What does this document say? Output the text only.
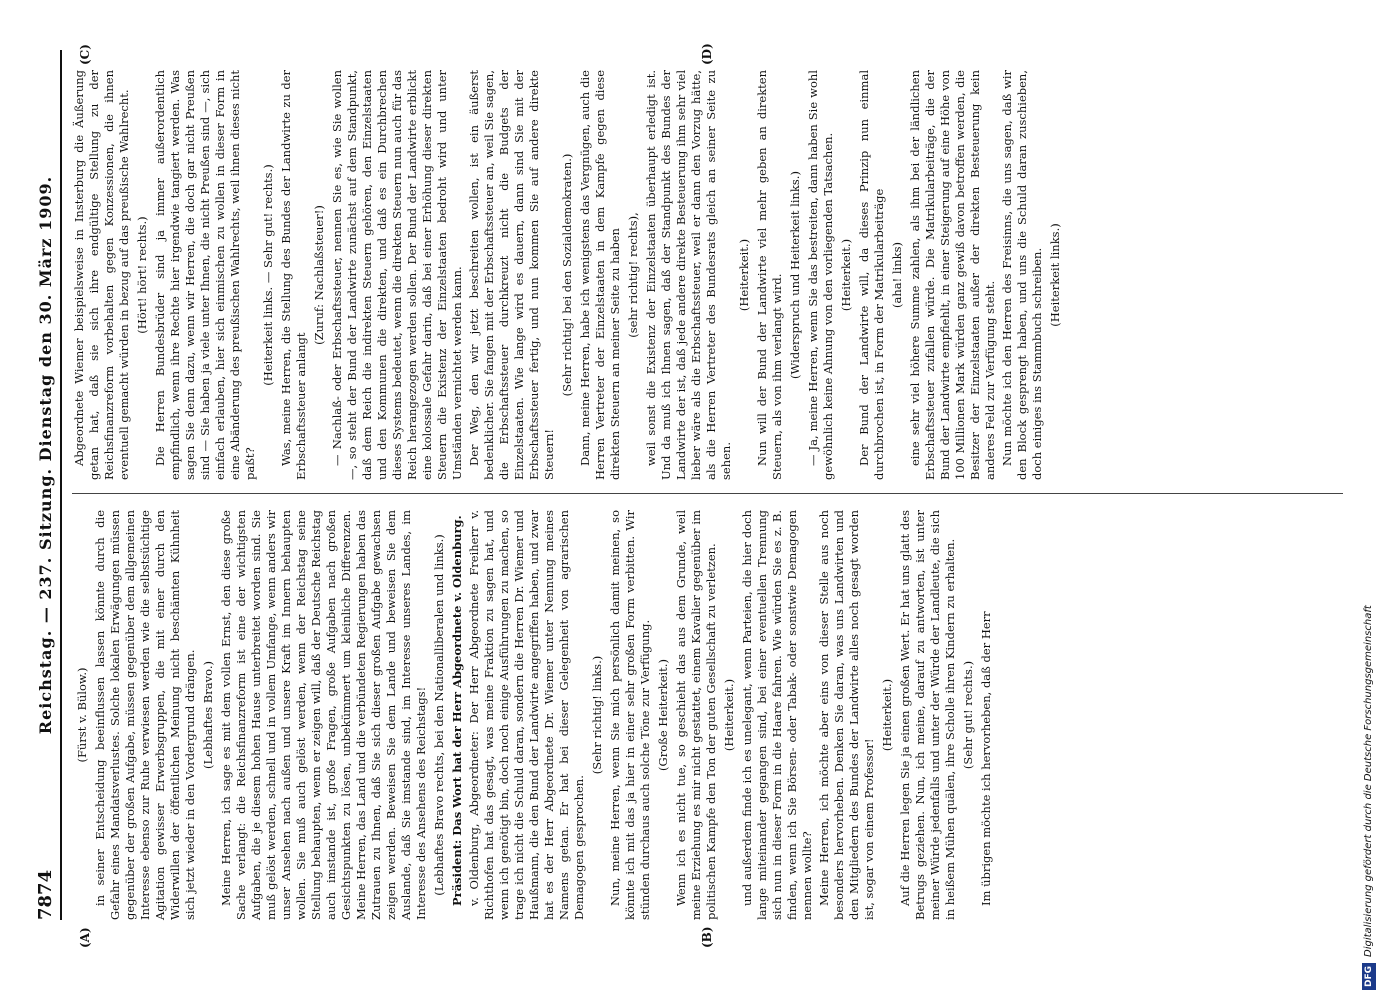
7874
Reichstag. — 237. Sitzung. Dienstag den 30. März 1909.
(A)	(B)
(C)	(D)

(Fürst v. Bülow.) in seiner Entscheidung beeinflussen lassen könnte durch die Gefahr eines Mandatsverlustes. Solche lokalen Erwägungen müssen gegenüber der großen Aufgabe, müssen gegenüber dem allgemeinen Interesse ebenso zur Ruhe verwiesen werden wie die selbstsüchtige Agitation gewisser Erwerbsgruppen, die mit einer durch den Widerwillen der öffentlichen Meinung nicht beschämten Kühnheit sich jetzt wieder in den Vordergrund drängen. (Lebhaftes Bravo.) Meine Herren, ich sage es mit dem vollen Ernst, den diese große Sache verlangt: die Reichsfinanzreform ist eine der wichtigsten Aufgaben, die je diesem hohen Hause unterbreitet worden sind. Sie muß gelöst werden, schnell und in vollem Umfange, wenn anders wir unser Ansehen nach außen und unsere Kraft im Innern behaupten wollen. Sie muß auch gelöst werden, wenn der Reichstag seine Stellung behaupten, wenn er zeigen will, daß der Deutsche Reichstag auch imstande ist, große Fragen, große Aufgaben nach großen Gesichtspunkten zu lösen, unbekümmert um kleinliche Differenzen. Meine Herren, das Land und die verbündeten Regierungen haben das Zutrauen zu Ihnen, daß Sie sich dieser großen Aufgabe gewachsen zeigen werden. Beweisen Sie dem Lande und beweisen Sie dem Auslande, daß Sie imstande sind, im Interesse unseres Landes, im Interesse des Ansehens des Reichstags! (Lebhaftes Bravo rechts, bei den Nationalliberalen und links.) Präsident: Das Wort hat der Herr Abgeordnete v. Oldenburg. v. Oldenburg, Abgeordneter: Der Herr Abgeordnete Freiherr v. Richthofen hat das gesagt, was meine Fraktion zu sagen hat, und wenn ich genötigt bin, doch noch einige Ausführungen zu machen, so trage ich nicht die Schuld daran, sondern die Herren Dr. Wiemer und Haußmann, die den Bund der Landwirte angegriffen haben, und zwar hat es der Herr Abgeordnete Dr. Wiemer unter Nennung meines Namens getan. Er hat bei dieser Gelegenheit von agrarischen Demagogen gesprochen.

(Sehr richtig! links.) Nun, meine Herren, wenn Sie mich persönlich damit meinen, so könnte ich mit das ja hier in einer sehr großen Form verbitten. Wir stünden durchaus auch solche Töne zur Verfügung. (Große Heiterkeit.) Wenn ich es nicht tue, so geschieht das aus dem Grunde, weil meine Erziehung es mir nicht gestattet, einem Kavalier gegenüber im politischen Kampfe den Ton der guten Gesellschaft zu verletzen. (Heiterkeit.) und außerdem finde ich es unelegant, wenn Parteien, die hier doch lange miteinander gegangen sind, bei einer eventuellen Trennung sich nun in dieser Form in die Haare fahren. Wie würden Sie es z. B. finden, wenn ich Sie Börsen- oder Tabak- oder sonstwie Demagogen nennen wollte? Meine Herren, ich möchte aber eins von dieser Stelle aus noch besonders hervorheben. Denken Sie daran, was uns Landwirten und den Mitgliedern des Bundes der Landwirte alles noch gesagt worden ist, sogar von einem Professor!

(Heiterkeit.) Auf die Herren legen Sie ja einen großen Wert. Er hat uns glatt des Betrugs geziehen. Nun, ich meine, darauf zu antworten, ist unter meiner Würde jedenfalls und unter der Würde der Landleute, die sich in heißem Mühen quälen, ihre Scholle ihren Kindern zu erhalten. (Sehr gut! rechts.) Im übrigen möchte ich hervorheben, daß der Herr

Abgeordnete Wiemer beispielsweise in Insterburg die Äußerung getan hat, daß sie sich ihre endgültige Stellung zu der Reichsfinanzreform vorbehalten gegen Konzessionen, die ihnen eventuell gemacht würden in bezug auf das preußische Wahlrecht. (Hört! hört! rechts.) Die Herren Bundesbrüder sind ja immer außerordentlich empfindlich, wenn ihre Rechte hier irgendwie tangiert werden. Was sagen Sie denn dazu, wenn wir Herren, die doch gar nicht Preußen sind — Sie haben ja viele unter Ihnen, die nicht Preußen sind —, sich einfach erlauben, hier sich einmischen zu wollen in dieser Form in eine Abänderung des preußischen Wahlrechts, weil ihnen dieses nicht paßt?

(Heiterkeit links. — Sehr gut! rechts.) Was, meine Herren, die Stellung des Bundes der Landwirte zu der Erbschaftssteuer anlangt

(Zuruf: Nachlaßsteuer!) — Nachlaß- oder Erbschaftssteuer, nennen Sie es, wie Sie wollen —, so steht der Bund der Landwirte zunächst auf dem Standpunkt, daß dem Reich die indirekten Steuern gehören, den Einzelstaaten und den Kommunen die direkten, und daß es ein Durchbrechen dieses Systems bedeutet, wenn die direkten Steuern nun auch für das Reich herangezogen werden sollen. Der Bund der Landwirte erblickt eine kolossale Gefahr darin, daß bei einer Erhöhung dieser direkten Steuern die Existenz der Einzelstaaten bedroht wird und unter Umständen vernichtet werden kann. Der Weg, den wir jetzt beschreiten wollen, ist ein äußerst bedenklicher. Sie fangen mit der Erbschaftssteuer an, weil Sie sagen, die Erbschaftssteuer durchkreuzt nicht die Budgets der Einzelstaaten. Wie lange wird es dauern, dann sind Sie mit der Erbschaftssteuer fertig, und nun kommen Sie auf andere direkte Steuern!

(Sehr richtig! bei den Sozialdemokraten.) Dann, meine Herren, habe ich wenigstens das Vergnügen, auch die Herren Vertreter der Einzelstaaten in dem Kampfe gegen diese direkten Steuern an meiner Seite zu haben (sehr richtig! rechts), weil sonst die Existenz der Einzelstaaten überhaupt erledigt ist. Und da muß ich Ihnen sagen, daß der Standpunkt des Bundes der Landwirte der ist, daß jede andere direkte Besteuerung ihm sehr viel lieber wäre als die Erbschaftssteuer, weil er dann den Vorzug hätte, als die Herren Vertreter des Bundesrats gleich an seiner Seite zu sehen.

(Heiterkeit.) Nun will der Bund der Landwirte viel mehr geben an direkten Steuern, als von ihm verlangt wird. (Widerspruch und Heiterkeit links.) — Ja, meine Herren, wenn Sie das bestreiten, dann haben Sie wohl gewöhnlich keine Ahnung von den vorliegenden Tatsachen. (Heiterkeit.) Der Bund der Landwirte will, da dieses Prinzip nun einmal durchbrochen ist, in Form der Matrikularbeiträge (aha! links) eine sehr viel höhere Summe zahlen, als ihm bei der ländlichen Erbschaftssteuer zufallen würde. Die Matrikularbeiträge, die der Bund der Landwirte empfiehlt, in einer Steigerung auf eine Höhe von 100 Millionen Mark würden ganz gewiß davon betroffen werden, die Besitzer der Einzelstaaten außer der direkten Besteuerung kein anderes Feld zur Verfügung steht. Nun möchte ich den Herren des Freisinns, die uns sagen, daß wir den Block gesprengt haben, und uns die Schuld daran zuschieben, doch einiges ins Stammbuch schreiben. (Heiterkeit links.)

DFGDigitalisierung gefördert durch die Deutsche Forschungsgemeinschaft
